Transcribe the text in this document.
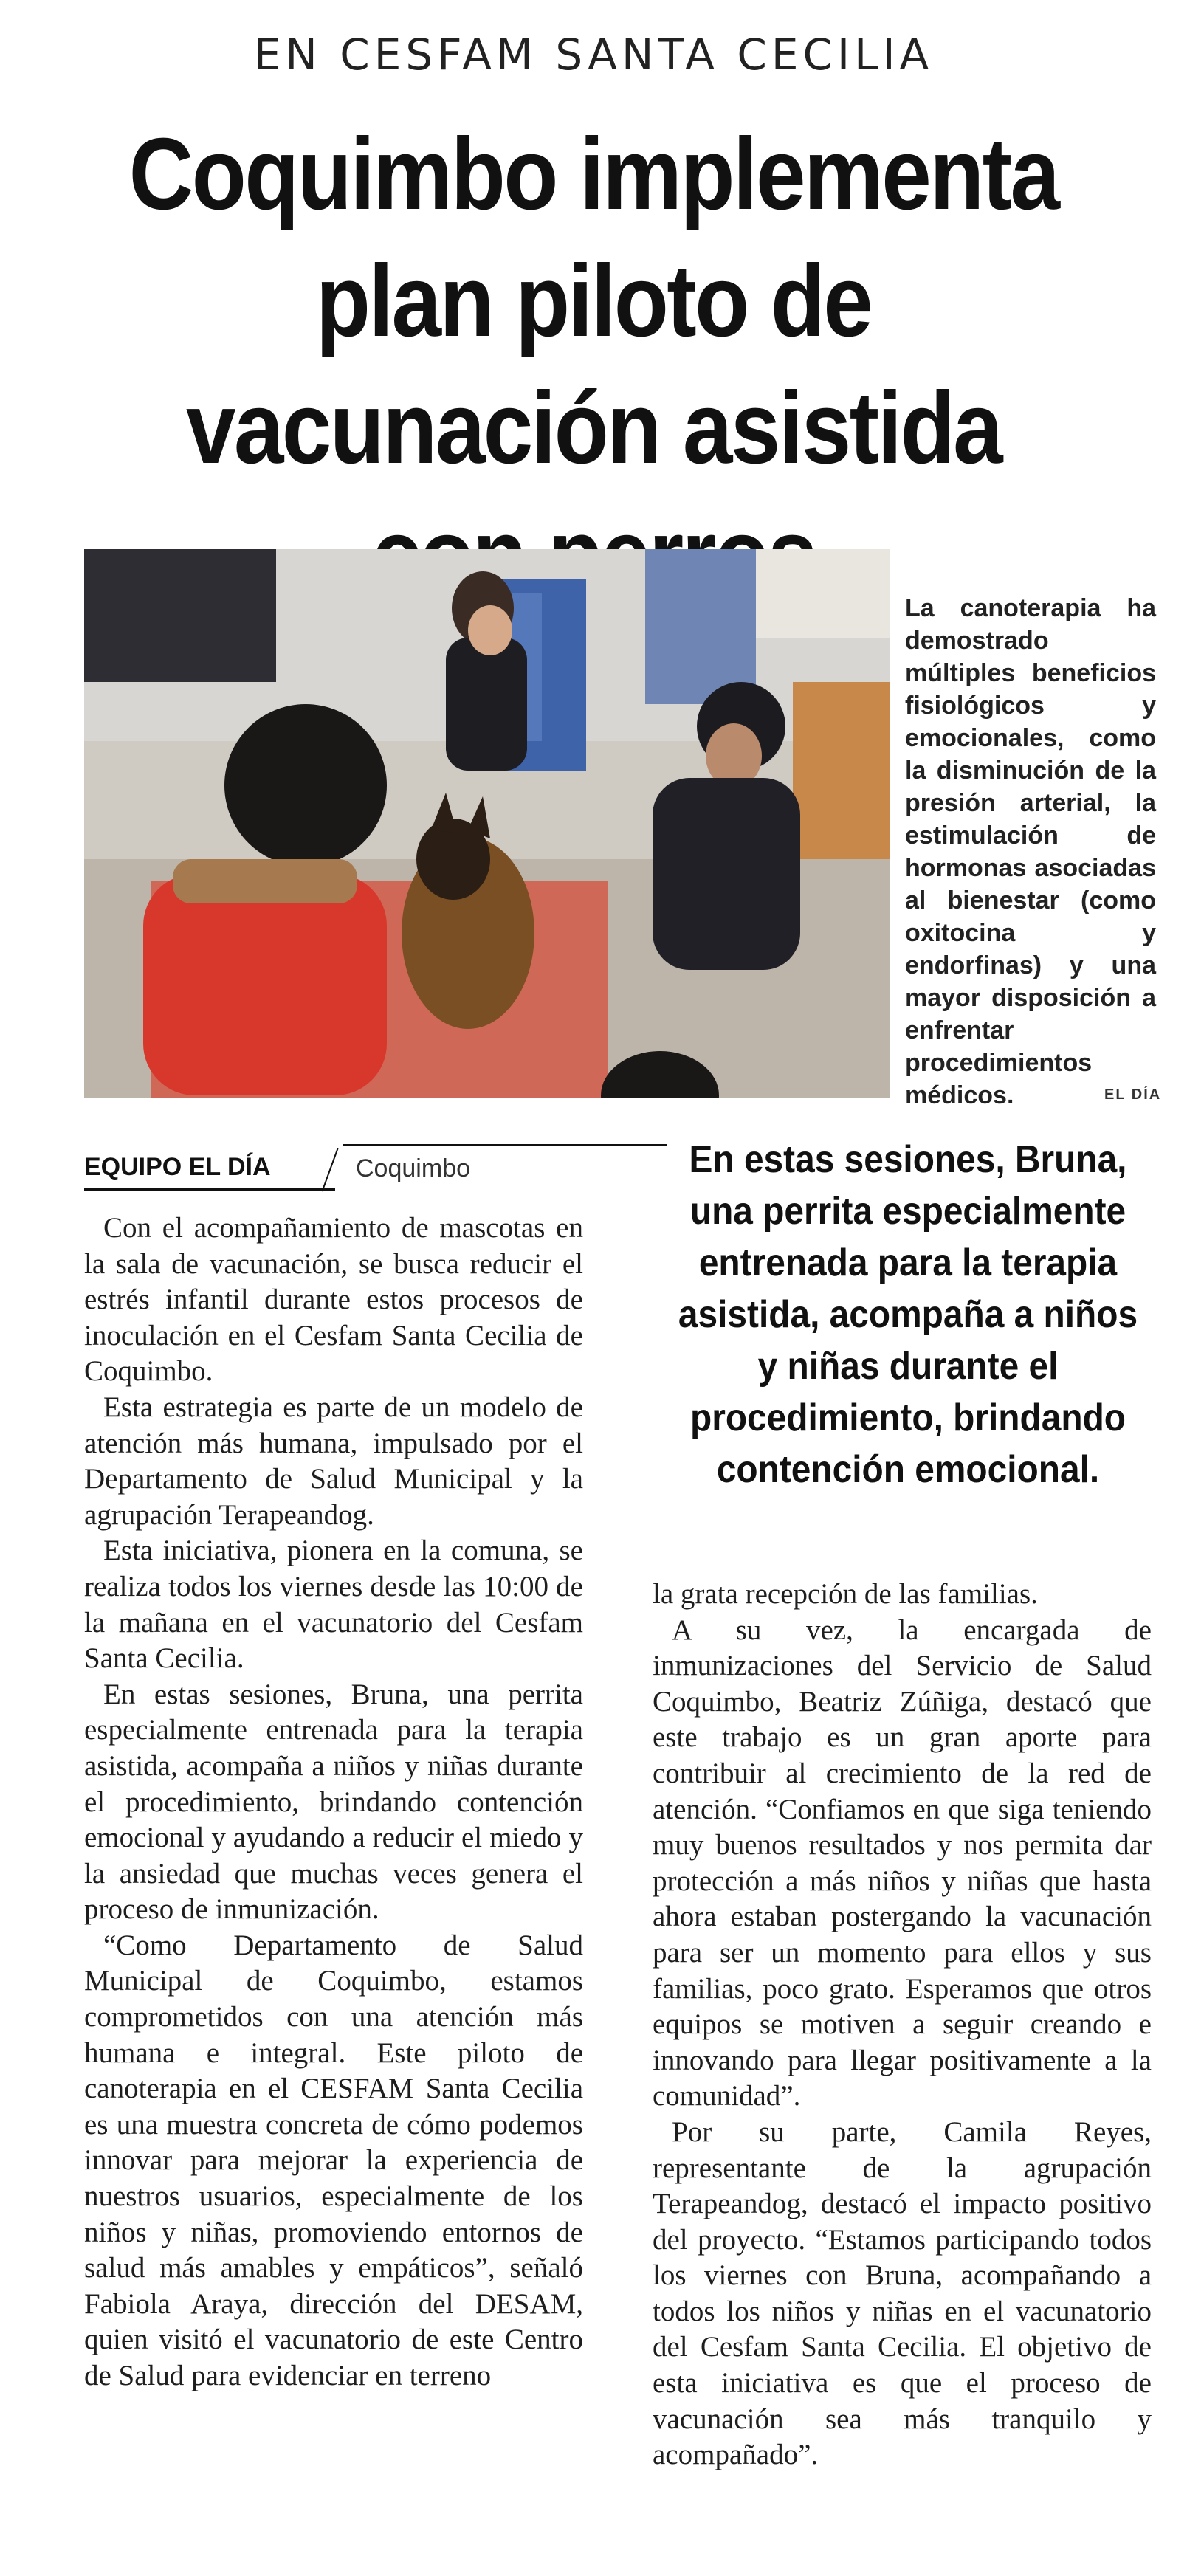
EN CESFAM SANTA CECILIA
Coquimbo implementa plan piloto de vacunación asistida
La canoterapia ha demostrado múltiples beneficios fisiológicos y emocionales, como la disminución de la presión arterial, la estimulación de hormonas asociadas al bienestar (como oxitocina y endorfinas) y una mayor disposición a enfrentar procedimientos médicos.	EL DÍA
EQUIPO EL DÍA	Coquimbo	En estas sesiones, Bruna, una perrita especialmente entrenada para la terapia asistida, acompaña a niños y niñas durante el procedimiento, brindando contención emocional.

Con el acompañamiento de mascotas en la sala de vacunación, se busca reducir el estrés infantil durante estos procesos de inoculación en el Cesfam Santa Cecilia de Coquimbo.

Esta estrategia es parte de un modelo de atención más humana, impulsado por el Departamento de Salud Municipal y la agrupación Terapeandog.

Esta iniciativa, pionera en la comuna, se realiza todos los viernes desde las 10:00 de la mañana en el vacunatorio del Cesfam Santa Cecilia.

En estas sesiones, Bruna, una perrita especialmente entrenada para la terapia asistida, acompaña a niños y niñas durante el procedimiento, brindando contención emocional y ayudando a reducir el miedo y la ansiedad que muchas veces genera el proceso de inmunización.

“Como Departamento de Salud Municipal de Coquimbo, estamos comprometidos con una atención más humana e integral. Este piloto de canoterapia en el CESFAM Santa Cecilia es una muestra concreta de cómo podemos innovar para mejorar la experiencia de nuestros usuarios, especialmente de los niños y niñas, promoviendo entornos de salud más amables y empáticos”, señaló Fabiola Araya, dirección del DESAM, quien visitó el vacunatorio de este Centro de Salud para evidenciar en terreno

la grata recepción de las familias.

A su vez, la encargada de inmunizaciones del Servicio de Salud Coquimbo, Beatriz Zúñiga, destacó que este trabajo es un gran aporte para contribuir al crecimiento de la red de atención. “Confiamos en que siga teniendo muy buenos resultados y nos permita dar protección a más niños y niñas que hasta ahora estaban postergando la vacunación para ser un momento para ellos y sus familias, poco grato. Esperamos que otros equipos se motiven a seguir creando e innovando para llegar positivamente a la comunidad”.

Por su parte, Camila Reyes, representante de la agrupación Terapeandog, destacó el impacto positivo del proyecto. “Estamos participando todos los viernes con Bruna, acompañando a todos los niños y niñas en el vacunatorio del Cesfam Santa Cecilia. El objetivo de esta iniciativa es que el proceso de vacunación sea más tranquilo y acompañado”.
